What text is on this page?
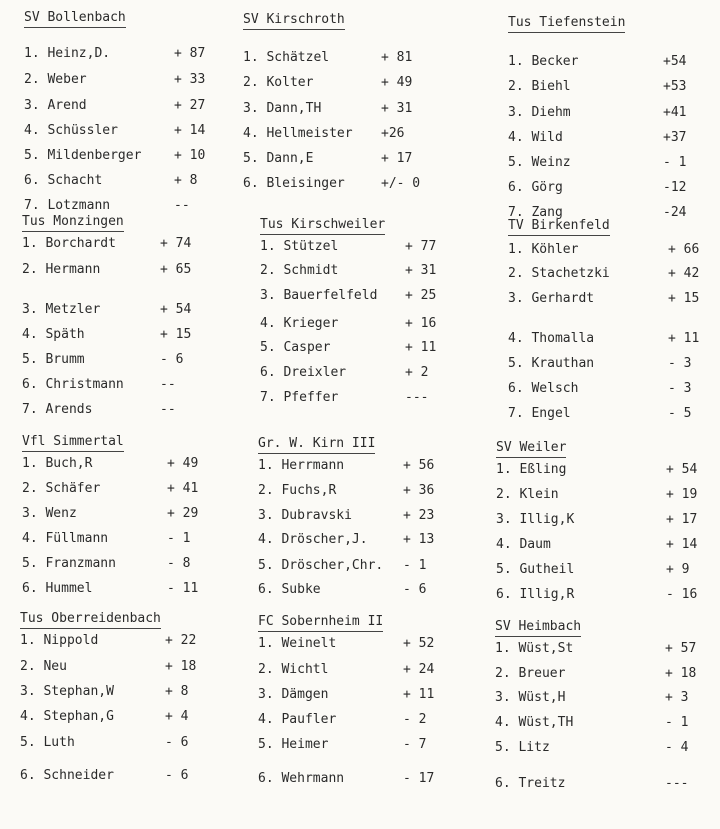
SV Bollenbach
1. Heinz,D.	+ 87
2. Weber	+ 33
3. Arend	+ 27
4. Schüssler	+ 14
5. Mildenberger	+ 10
6. Schacht	+ 8
7. Lotzmann	--
SV Kirschroth
1. Schätzel	+ 81
2. Kolter	+ 49
3. Dann,TH	+ 31
4. Hellmeister +26
5. Dann,E	+ 17
6. Bleisinger	+/- 0
Tus Tiefenstein
1. Becker	+54
2. Biehl	+53
3. Diehm	+41
4. Wild	+37
5. Weinz	- 1
6. Görg	-12
7. Zang	-24
Tus Monzingen
1. Borchardt	+ 74
2. Hermann	+ 65
3. Metzler	+ 54
4. Späth	+ 15
5. Brumm	- 6
6. Christmann	--
7. Arends	--
Tus Kirschweiler
1. Stützel	+ 77
2. Schmidt	+ 31
3. Bauerfelfeld + 25
4. Krieger	+ 16
5. Casper	+ 11
6. Dreixler	+ 2
7. Pfeffer	---
TV Birkenfeld
1. Köhler	+ 66
2. Stachetzki	+ 42
3. Gerhardt	+ 15
4. Thomalla	+ 11
5. Krauthan	- 3
6. Welsch	- 3
7. Engel	- 5
Vfl Simmertal
1. Buch,R	+ 49
2. Schäfer	+ 41
3. Wenz	+ 29
4. Füllmann	- 1
5. Franzmann	- 8
6. Hummel	- 11
Gr. W. Kirn III
1. Herrmann	+ 56
2. Fuchs,R	+ 36
3. Dubravski	+ 23
4. Dröscher,J.	+ 13
5. Dröscher,Chr. - 1
6. Subke	- 6
SV Weiler
1. Eßling	+ 54
2. Klein	+ 19
3. Illig,K	+ 17
4. Daum	+ 14
5. Gutheil	+ 9
6. Illig,R	- 16
Tus Oberreidenbach
1. Nippold	+ 22
2. Neu	+ 18
3. Stephan,W	+ 8
4. Stephan,G	+ 4
5. Luth	- 6
6. Schneider	- 6
FC Sobernheim II
1. Weinelt	+ 52
2. Wichtl	+ 24
3. Dämgen	+ 11
4. Paufler	- 2
5. Heimer	- 7
6. Wehrmann	- 17
SV Heimbach
1. Wüst,St	+ 57
2. Breuer	+ 18
3. Wüst,H	+ 3
4. Wüst,TH	- 1
5. Litz	- 4
6. Treitz	---
